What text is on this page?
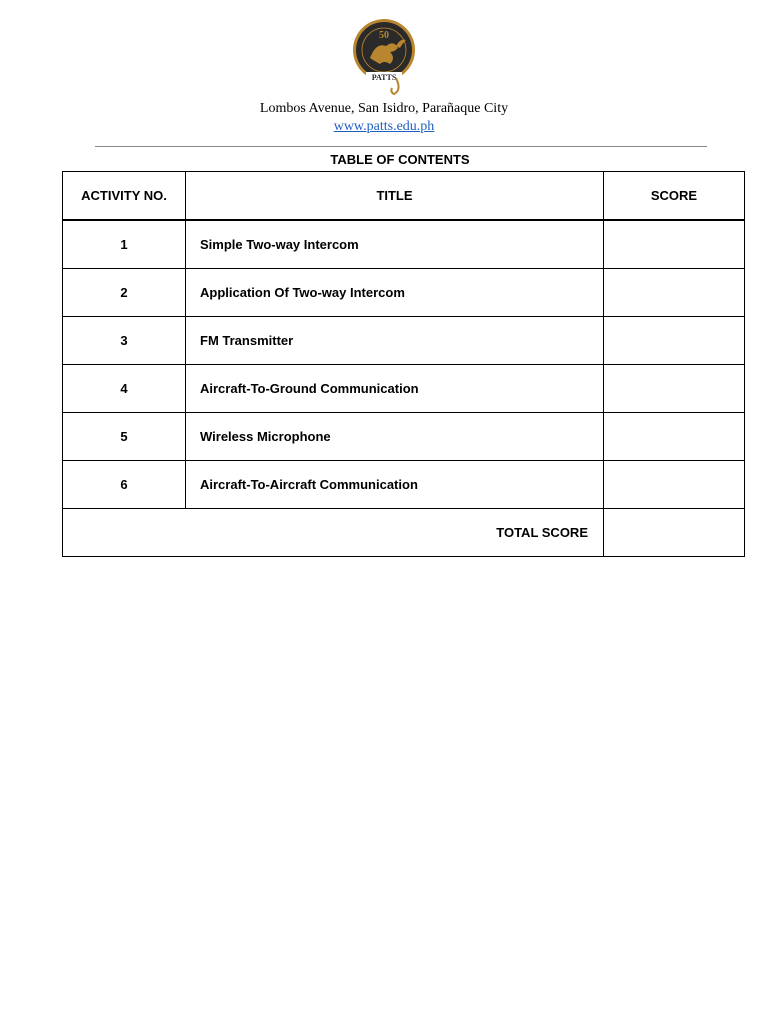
50
PATTS
Lombos Avenue, San Isidro, Parañaque City
www.patts.edu.ph
TABLE OF CONTENTS
ACTIVITY NO.	TITLE	SCORE
1	Simple Two-way Intercom	
2	Application Of Two-way Intercom	
3	FM Transmitter	
4	Aircraft-To-Ground Communication	
5	Wireless Microphone	
6	Aircraft-To-Aircraft Communication	
TOTAL SCORE		
